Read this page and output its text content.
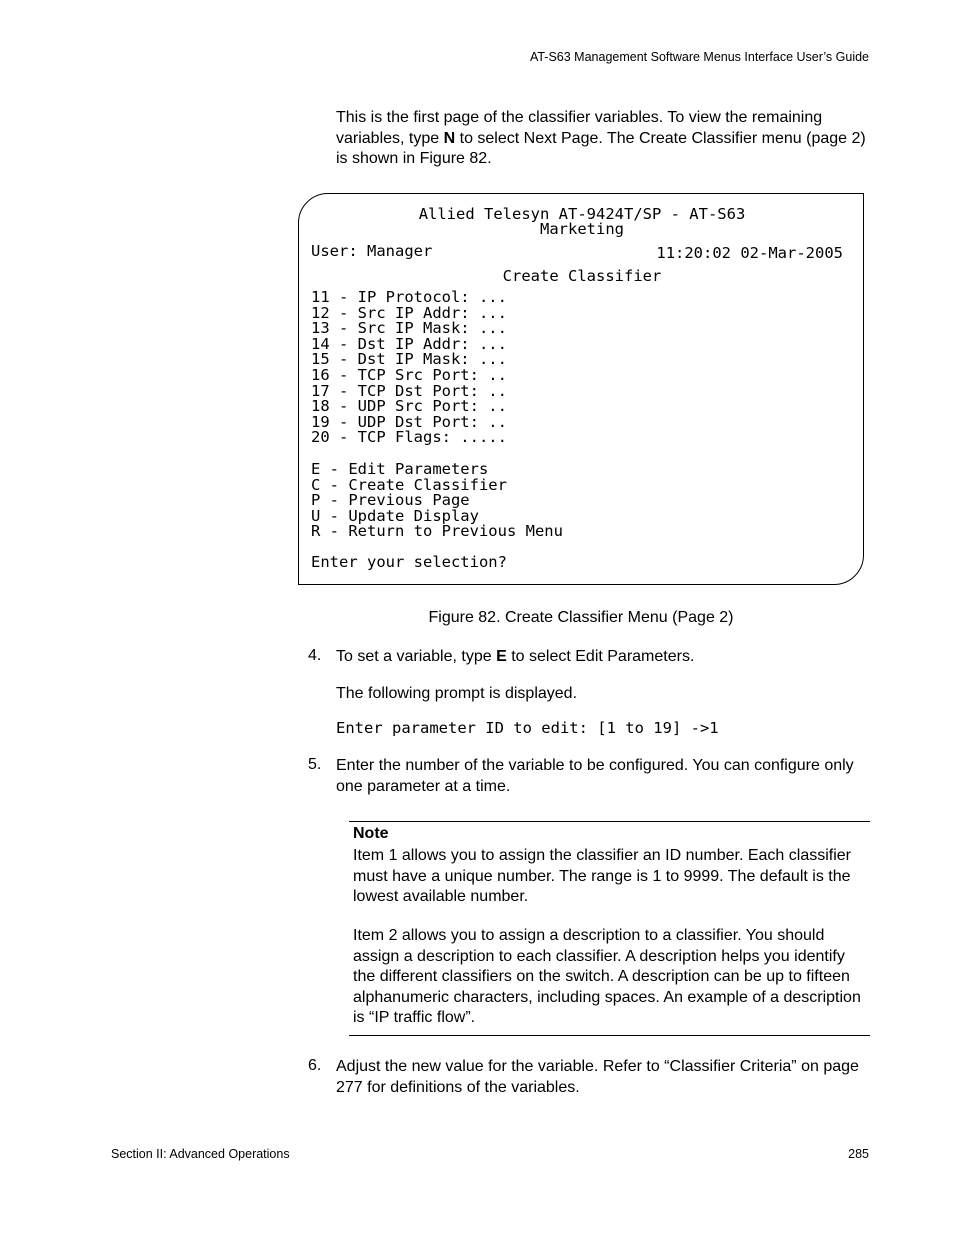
AT-S63 Management Software Menus Interface User’s Guide
This is the first page of the classifier variables. To view the remaining variables, type N to select Next Page. The Create Classifier menu (page 2) is shown in Figure 82.
Allied Telesyn AT-9424T/SP - AT-S63
Marketing
User: Manager	11:20:02 02-Mar-2005
Create Classifier
11 - IP Protocol: ...
12 - Src IP Addr: ...
13 - Src IP Mask: ...
14 - Dst IP Addr: ...
15 - Dst IP Mask: ...
16 - TCP Src Port: ..
17 - TCP Dst Port: ..
18 - UDP Src Port: ..
19 - UDP Dst Port: ..
20 - TCP Flags: .....
E - Edit Parameters
C - Create Classifier
P - Previous Page
U - Update Display
R - Return to Previous Menu
Enter your selection?
Figure 82. Create Classifier Menu (Page 2)
4. To set a variable, type E to select Edit Parameters.
The following prompt is displayed.
Enter parameter ID to edit: [1 to 19] ->1
5. Enter the number of the variable to be configured. You can configure only one parameter at a time.
Note
Item 1 allows you to assign the classifier an ID number. Each classifier must have a unique number. The range is 1 to 9999. The default is the lowest available number.
Item 2 allows you to assign a description to a classifier. You should assign a description to each classifier. A description helps you identify the different classifiers on the switch. A description can be up to fifteen alphanumeric characters, including spaces. An example of a description is “IP traffic flow”.
6. Adjust the new value for the variable. Refer to “Classifier Criteria” on page 277 for definitions of the variables.
Section II: Advanced Operations	285
